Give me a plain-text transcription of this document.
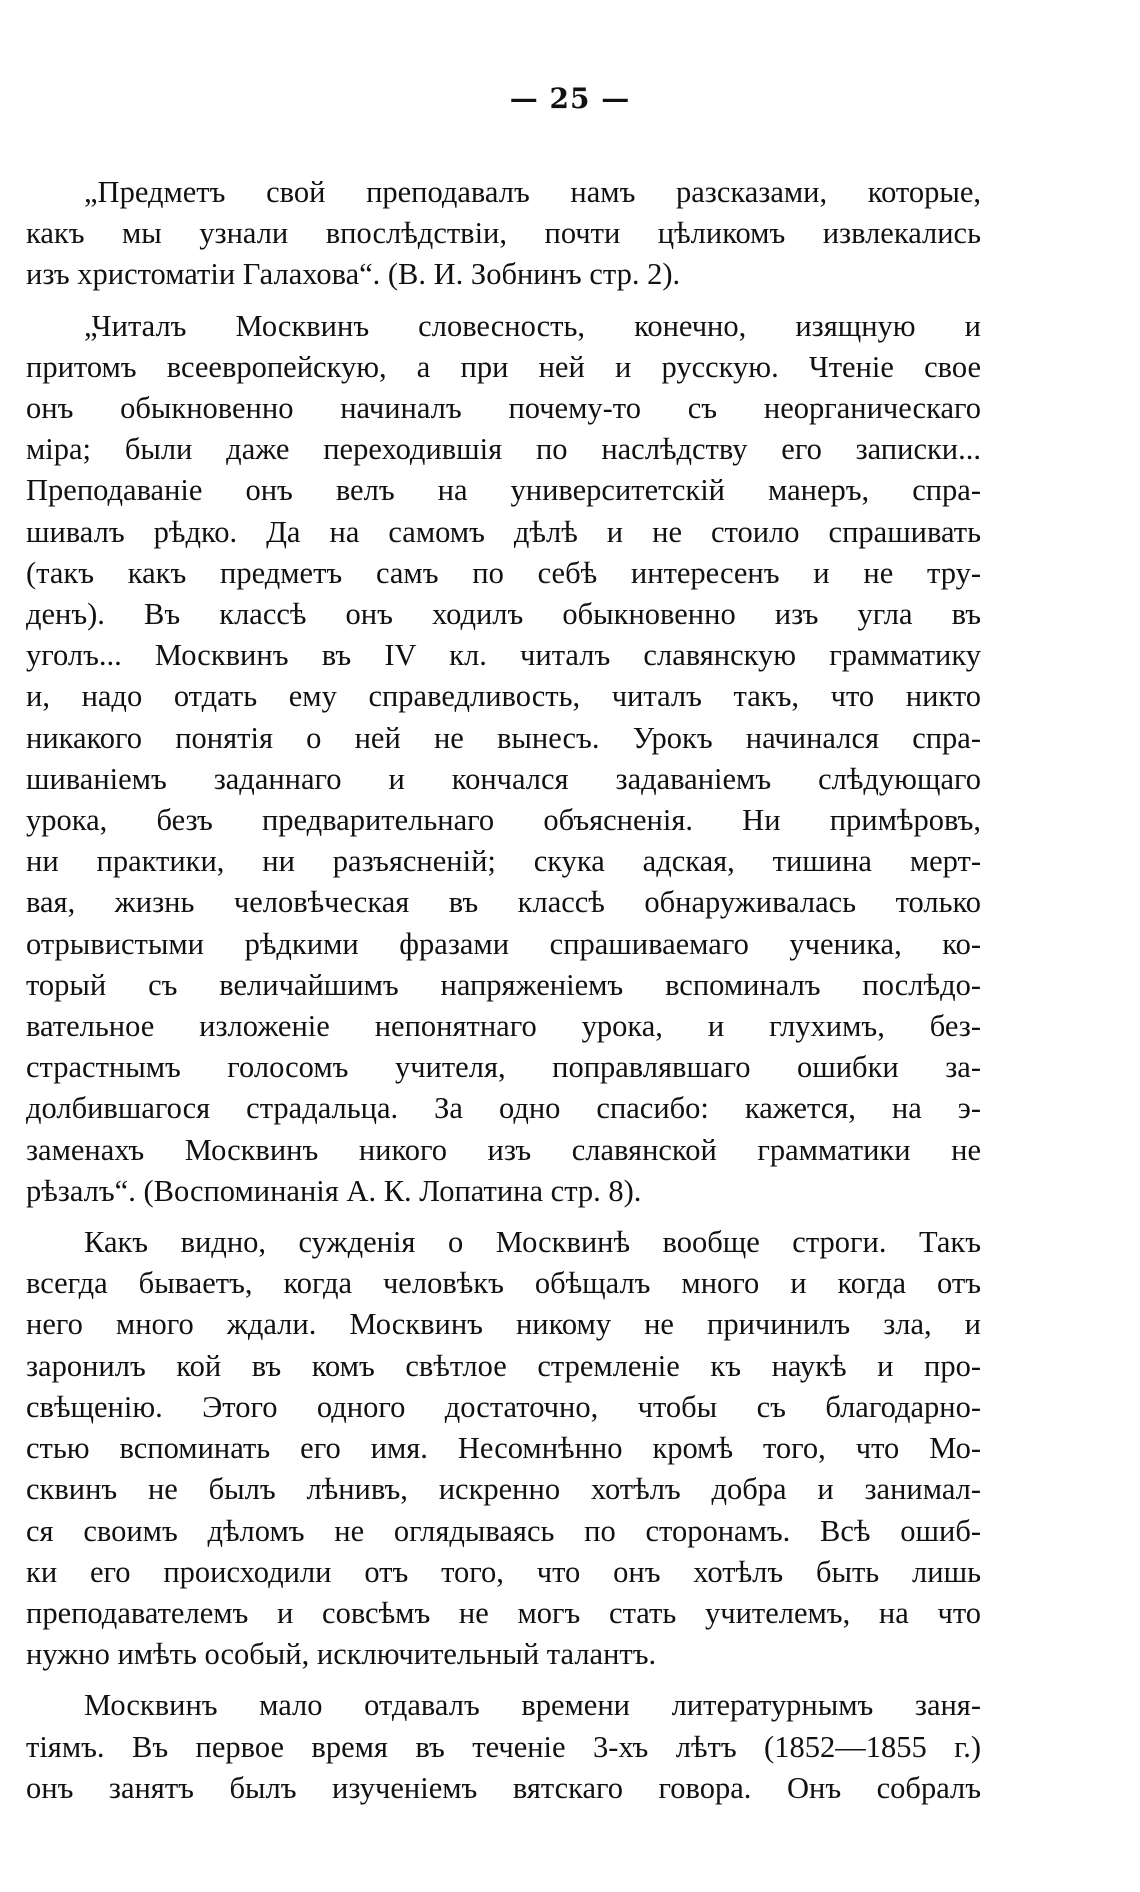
— 25 —
„Предметъ свой преподавалъ намъ разсказами, которые,
какъ мы узнали впослѣдствіи, почти цѣликомъ извлекались
изъ христоматіи Галахова“. (В. И. Зобнинъ стр. 2).
„Читалъ Москвинъ словесность, конечно, изящную и
притомъ всеевропейскую, а при ней и русскую. Чтеніе свое
онъ обыкновенно начиналъ почему-то съ неорганическаго
міра; были даже переходившія по наслѣдству его записки...
Преподаваніе онъ велъ на университетскій манеръ, спра-
шивалъ рѣдко. Да на самомъ дѣлѣ и не стоило спрашивать
(такъ какъ предметъ самъ по себѣ интересенъ и не тру-
денъ). Въ классѣ онъ ходилъ обыкновенно изъ угла въ
уголъ... Москвинъ въ IV кл. читалъ славянскую грамматику
и, надо отдать ему справедливость, читалъ такъ, что никто
никакого понятія о ней не вынесъ. Урокъ начинался спра-
шиваніемъ заданнаго и кончался задаваніемъ слѣдующаго
урока, безъ предварительнаго объясненія. Ни примѣровъ,
ни практики, ни разъясненій; скука адская, тишина мерт-
вая, жизнь человѣческая въ классѣ обнаруживалась только
отрывистыми рѣдкими фразами спрашиваемаго ученика, ко-
торый съ величайшимъ напряженіемъ вспоминалъ послѣдо-
вательное изложеніе непонятнаго урока, и глухимъ, без-
страстнымъ голосомъ учителя, поправлявшаго ошибки за-
долбившагося страдальца. За одно спасибо: кажется, на э-
заменахъ Москвинъ никого изъ славянской грамматики не
рѣзалъ“. (Воспоминанія А. К. Лопатина стр. 8).
Какъ видно, сужденія о Москвинѣ вообще строги. Такъ
всегда бываетъ, когда человѣкъ обѣщалъ много и когда отъ
него много ждали. Москвинъ никому не причинилъ зла, и
заронилъ кой въ комъ свѣтлое стремленіе къ наукѣ и про-
свѣщенію. Этого одного достаточно, чтобы съ благодарно-
стью вспоминать его имя. Несомнѣнно кромѣ того, что Мо-
сквинъ не былъ лѣнивъ, искренно хотѣлъ добра и занимал-
ся своимъ дѣломъ не оглядываясь по сторонамъ. Всѣ ошиб-
ки его происходили отъ того, что онъ хотѣлъ быть лишь
преподавателемъ и совсѣмъ не могъ стать учителемъ, на что
нужно имѣть особый, исключительный талантъ.
Москвинъ мало отдавалъ времени литературнымъ заня-
тіямъ. Въ первое время въ теченіе 3-хъ лѣтъ (1852—1855 г.)
онъ занятъ былъ изученіемъ вятскаго говора. Онъ собралъ
